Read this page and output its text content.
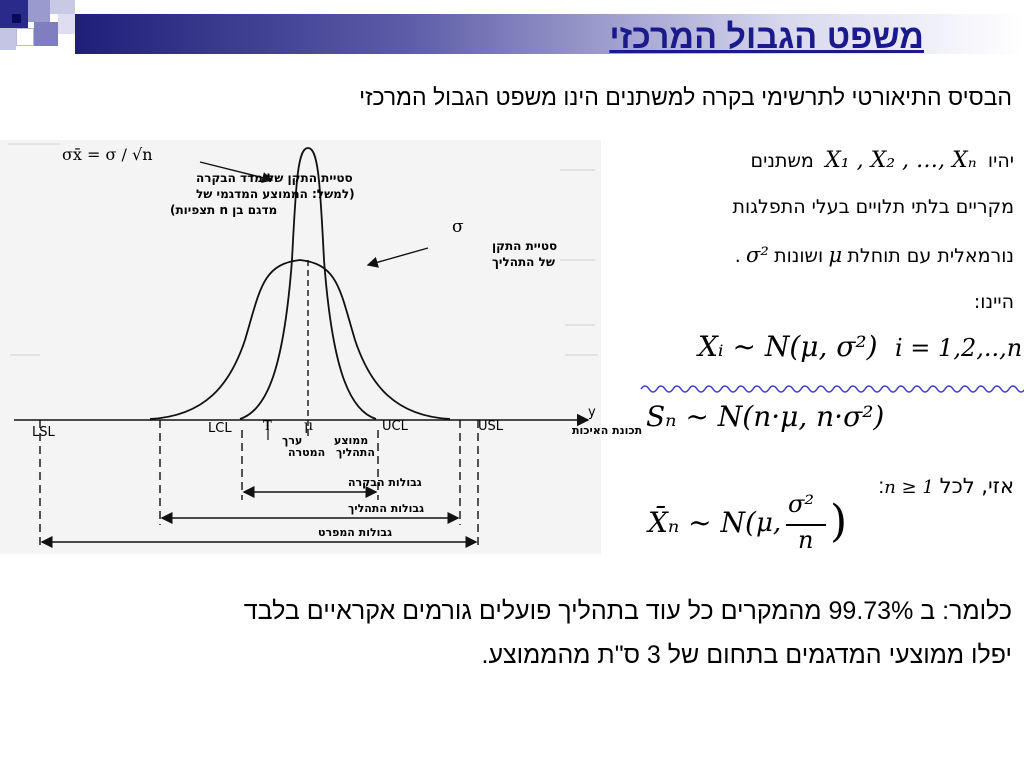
משפט הגבול המרכזי
הבסיס התיאורטי לתרשימי בקרה למשתנים הינו משפט הגבול המרכזי
σx̄ = σ / √n
סטיית התקן של מדד הבקרה
(למשל: הממוצע המדגמי של
מדגם בן n תצפיות)
σ
סטיית התקן
של התהליך
y
תכונת האיכות
LSL	LCL T
ערך
המטרה
μ
ממוצע
התהליך
UCL	USL
גבולות הבקרה
גבולות התהליך
גבולות המפרט
יהיו X₁ , X₂ , …, Xₙ משתנים
מקריים בלתי תלויים בעלי התפלגות
נורמאלית עם תוחלת μ ושונות σ² .
היינו:
Xᵢ ~ N(μ, σ²) i = 1,2,..,n
Sₙ ~ N(n·μ, n·σ²)
אזי, לכל n ≥ 1:
X̄ₙ ~ N( μ,
σ²
n )
כלומר: ב 99.73% מהמקרים כל עוד בתהליך פועלים גורמים אקראיים בלבד
יפלו ממוצעי המדגמים בתחום של 3 ס"ת מהממוצע.
